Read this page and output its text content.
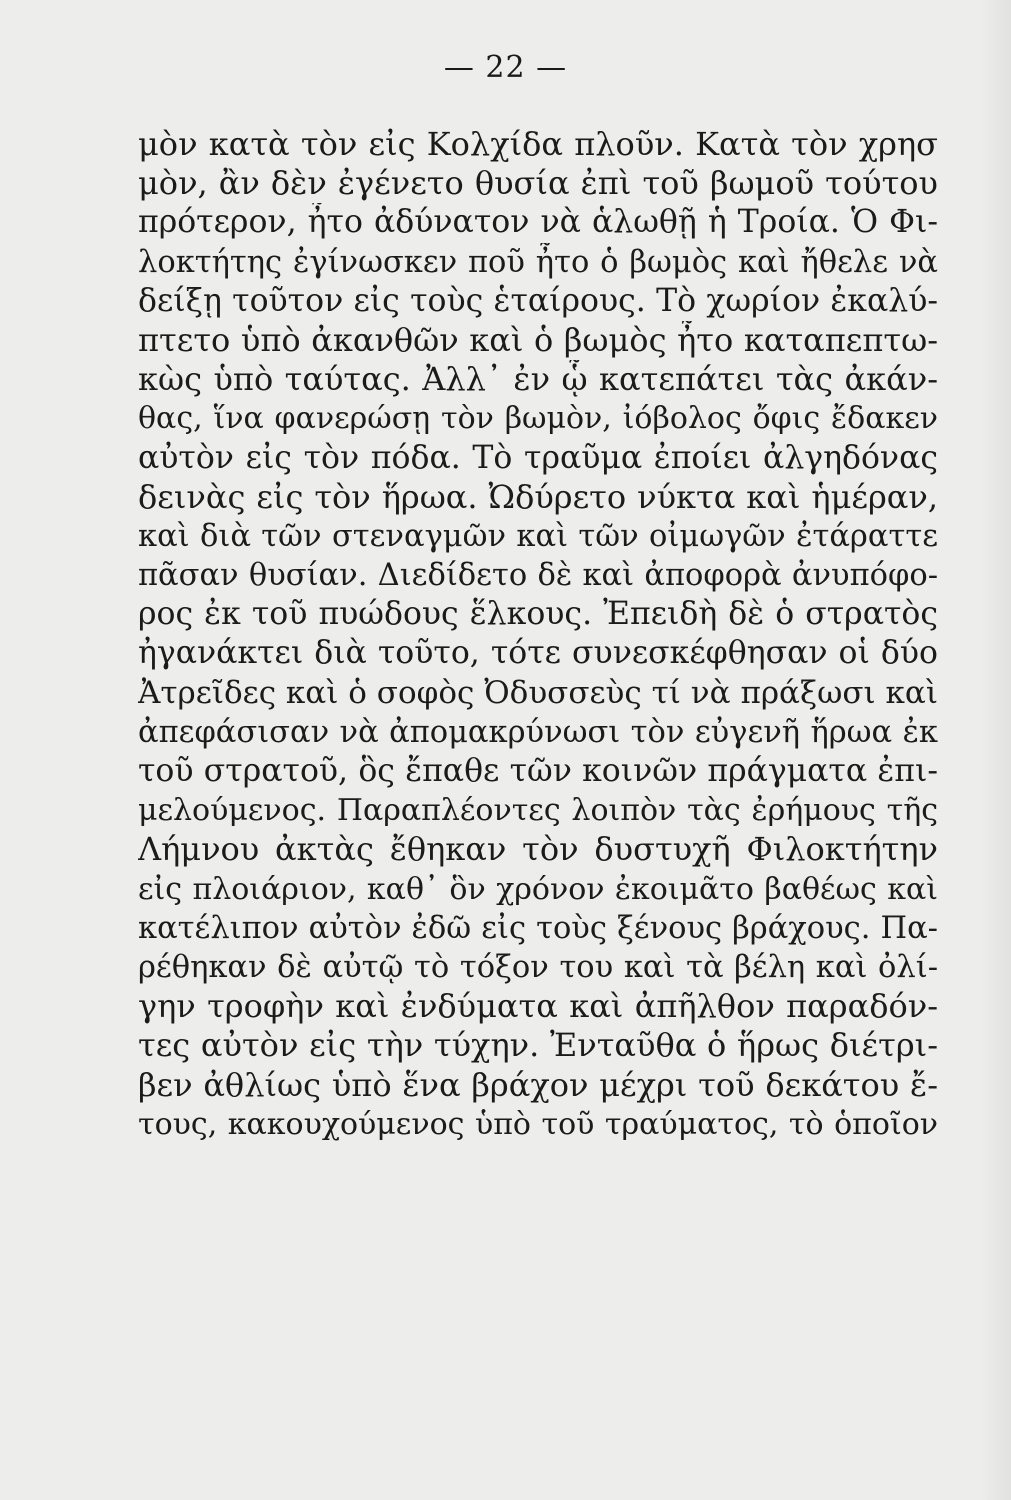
— 22 —
μὸν κατὰ τὸν εἰς Κολχίδα πλοῦν. Κατὰ τὸν χρησ
μὸν, ἂν δὲν ἐγένετο θυσία ἐπὶ τοῦ βωμοῦ τούτου
πρότερον, ἦτο ἀδύνατον νὰ ἁλωθῇ ἡ Τροία. Ὁ Φι-
λοκτήτης ἐγίνωσκεν ποῦ ἦτο ὁ βωμὸς καὶ ἤθελε νὰ
δείξῃ τοῦτον εἰς τοὺς ἑταίρους. Τὸ χωρίον ἐκαλύ-
πτετο ὑπὸ ἀκανθῶν καὶ ὁ βωμὸς ἦτο καταπεπτω-
κὼς ὑπὸ ταύτας. Ἀλλ᾽ ἐν ᾧ κατεπάτει τὰς ἀκάν-
θας, ἵνα φανερώσῃ τὸν βωμὸν, ἰόβολος ὄφις ἔδακεν
αὐτὸν εἰς τὸν πόδα. Τὸ τραῦμα ἐποίει ἀλγηδόνας
δεινὰς εἰς τὸν ἥρωα. Ὠδύρετο νύκτα καὶ ἡμέραν,
καὶ διὰ τῶν στεναγμῶν καὶ τῶν οἰμωγῶν ἐτάραττε
πᾶσαν θυσίαν. Διεδίδετο δὲ καὶ ἀποφορὰ ἀνυπόφο-
ρος ἐκ τοῦ πυώδους ἕλκους. Ἐπειδὴ δὲ ὁ στρατὸς
ἠγανάκτει διὰ τοῦτο, τότε συνεσκέφθησαν οἱ δύο
Ἀτρεῖδες καὶ ὁ σοφὸς Ὀδυσσεὺς τί νὰ πράξωσι καὶ
ἀπεφάσισαν νὰ ἀπομακρύνωσι τὸν εὐγενῆ ἥρωα ἐκ
τοῦ στρατοῦ, ὃς ἔπαθε τῶν κοινῶν πράγματα ἐπι-
μελούμενος. Παραπλέοντες λοιπὸν τὰς ἐρήμους τῆς
Λήμνου ἀκτὰς ἔθηκαν τὸν δυστυχῆ Φιλοκτήτην
εἰς πλοιάριον, καθ᾽ ὃν χρόνον ἐκοιμᾶτο βαθέως καὶ
κατέλιπον αὐτὸν ἐδῶ εἰς τοὺς ξένους βράχους. Πα-
ρέθηκαν δὲ αὐτῷ τὸ τόξον του καὶ τὰ βέλη καὶ ὀλί-
γην τροφὴν καὶ ἐνδύματα καὶ ἀπῆλθον παραδόν-
τες αὐτὸν εἰς τὴν τύχην. Ἐνταῦθα ὁ ἥρως διέτρι-
βεν ἀθλίως ὑπὸ ἕνα βράχον μέχρι τοῦ δεκάτου ἔ-
τους, κακουχούμενος ὑπὸ τοῦ τραύματος, τὸ ὁποῖον
